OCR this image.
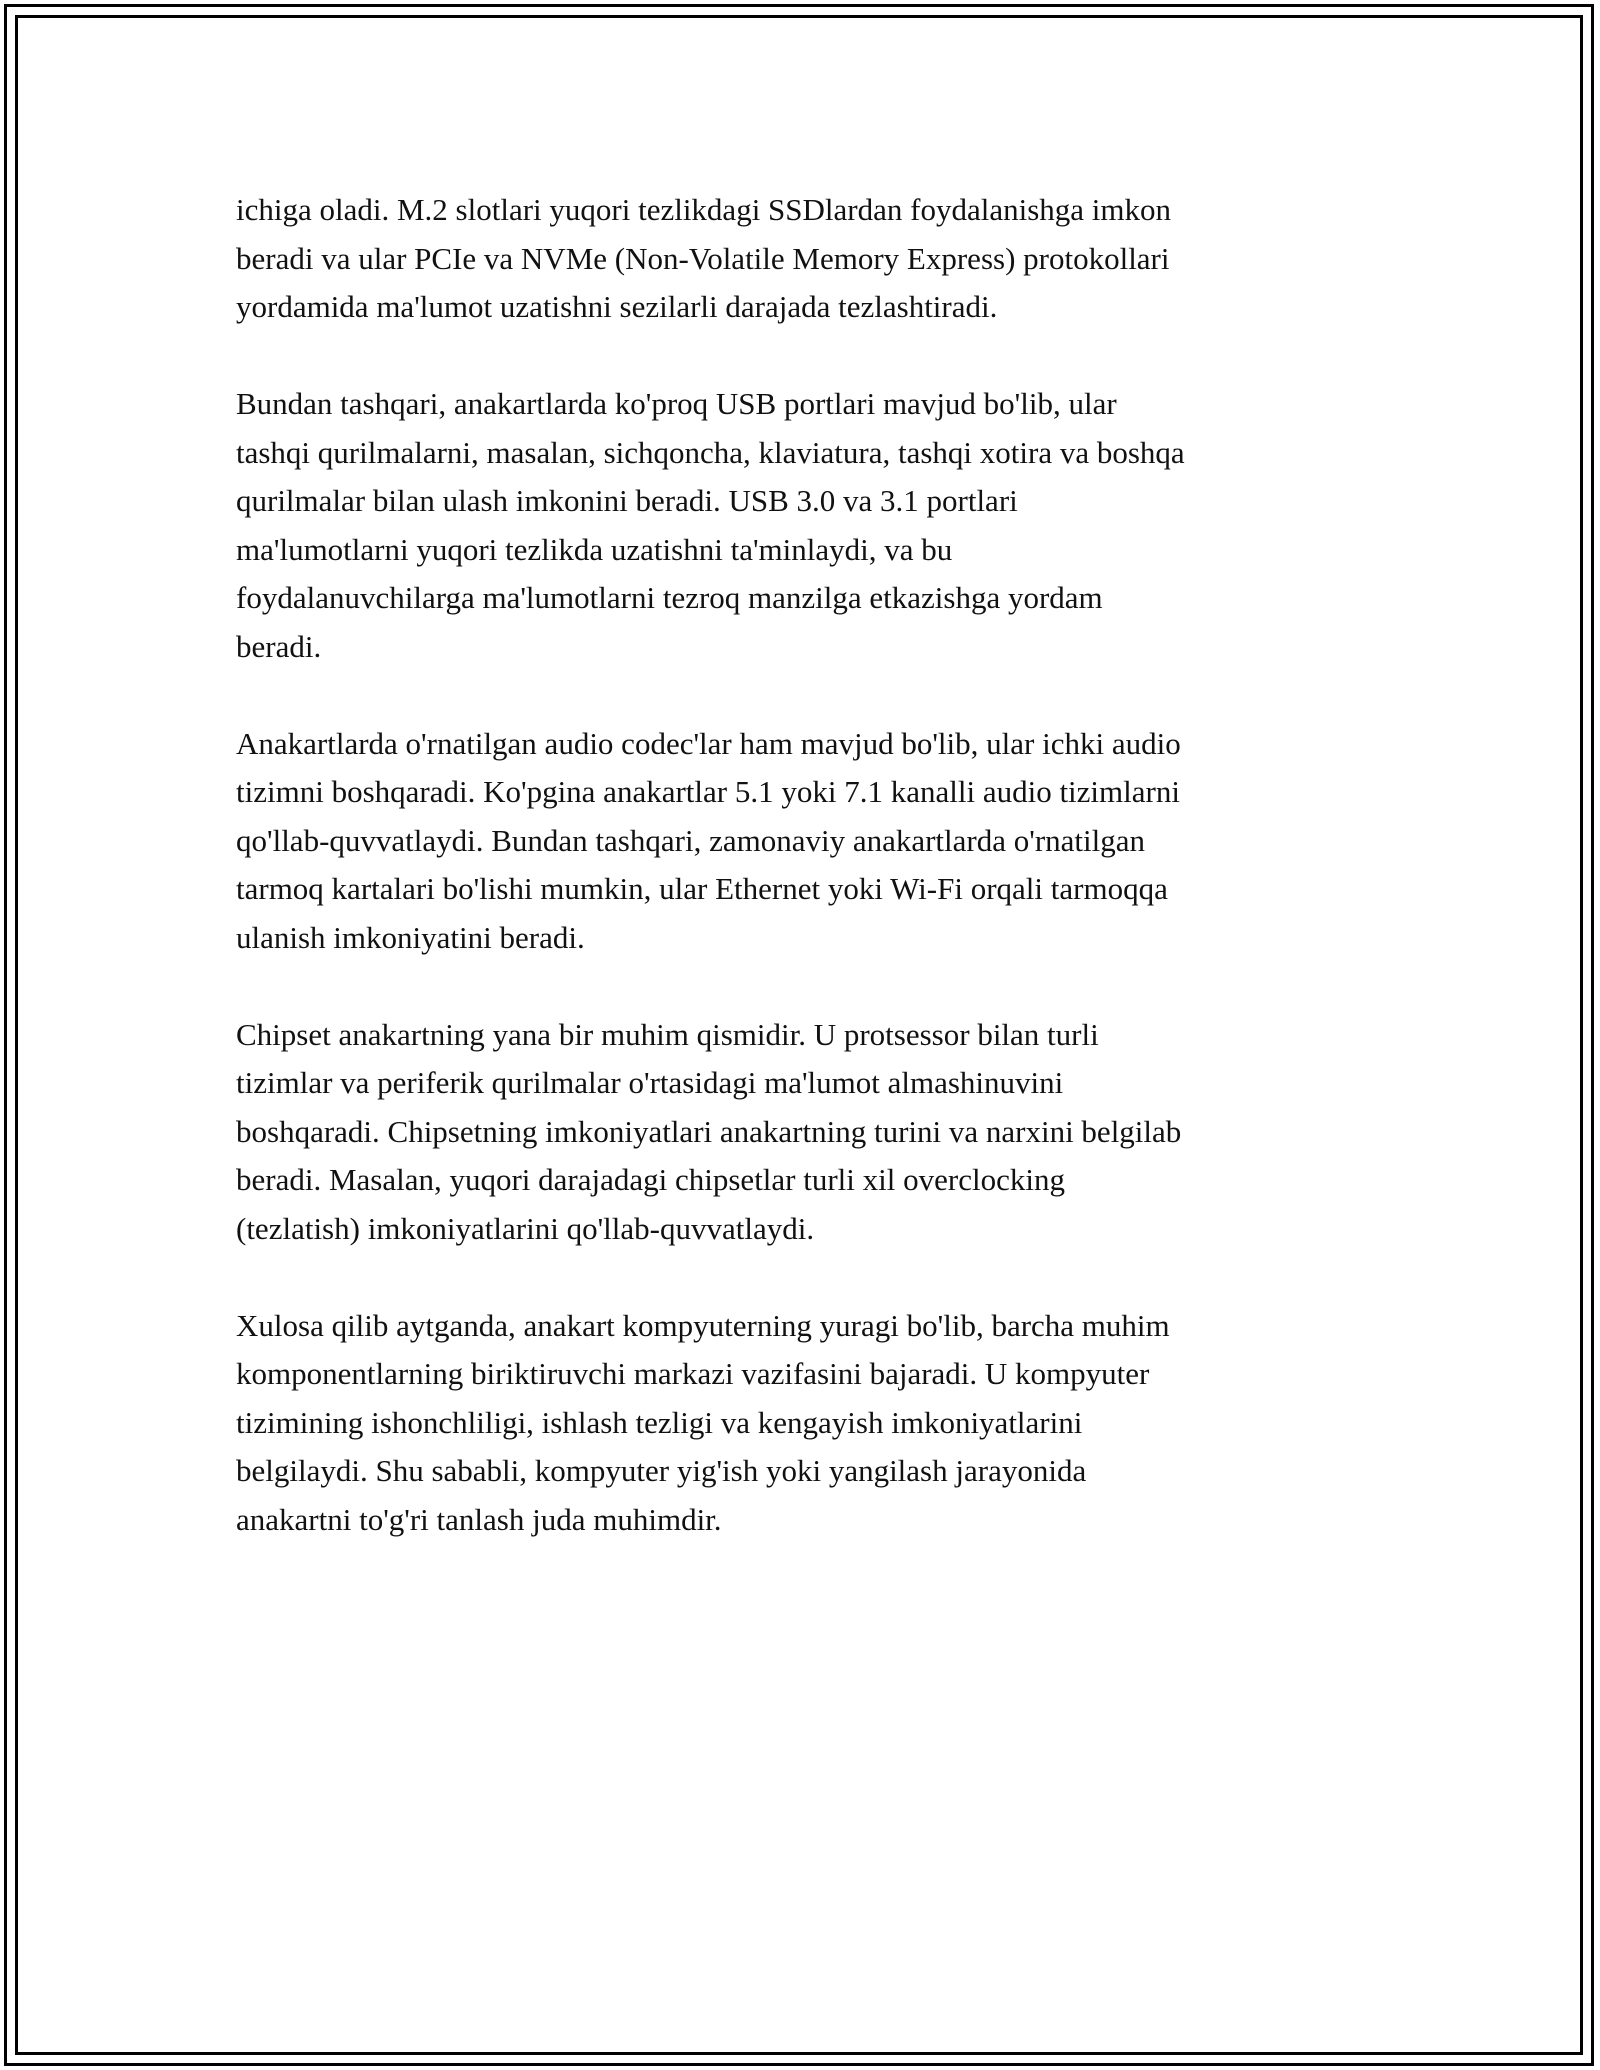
ichiga oladi. M.2 slotlari yuqori tezlikdagi SSDlardan foydalanishga imkon
beradi va ular PCIe va NVMe (Non-Volatile Memory Express) protokollari
yordamida ma'lumot uzatishni sezilarli darajada tezlashtiradi.

Bundan tashqari, anakartlarda ko'proq USB portlari mavjud bo'lib, ular
tashqi qurilmalarni, masalan, sichqoncha, klaviatura, tashqi xotira va boshqa
qurilmalar bilan ulash imkonini beradi. USB 3.0 va 3.1 portlari
ma'lumotlarni yuqori tezlikda uzatishni ta'minlaydi, va bu
foydalanuvchilarga ma'lumotlarni tezroq manzilga etkazishga yordam
beradi.

Anakartlarda o'rnatilgan audio codec'lar ham mavjud bo'lib, ular ichki audio
tizimni boshqaradi. Ko'pgina anakartlar 5.1 yoki 7.1 kanalli audio tizimlarni
qo'llab-quvvatlaydi. Bundan tashqari, zamonaviy anakartlarda o'rnatilgan
tarmoq kartalari bo'lishi mumkin, ular Ethernet yoki Wi-Fi orqali tarmoqqa
ulanish imkoniyatini beradi.

Chipset anakartning yana bir muhim qismidir. U protsessor bilan turli
tizimlar va periferik qurilmalar o'rtasidagi ma'lumot almashinuvini
boshqaradi. Chipsetning imkoniyatlari anakartning turini va narxini belgilab
beradi. Masalan, yuqori darajadagi chipsetlar turli xil overclocking
(tezlatish) imkoniyatlarini qo'llab-quvvatlaydi.

Xulosa qilib aytganda, anakart kompyuterning yuragi bo'lib, barcha muhim
komponentlarning biriktiruvchi markazi vazifasini bajaradi. U kompyuter
tizimining ishonchliligi, ishlash tezligi va kengayish imkoniyatlarini
belgilaydi. Shu sababli, kompyuter yig'ish yoki yangilash jarayonida
anakartni to'g'ri tanlash juda muhimdir.
